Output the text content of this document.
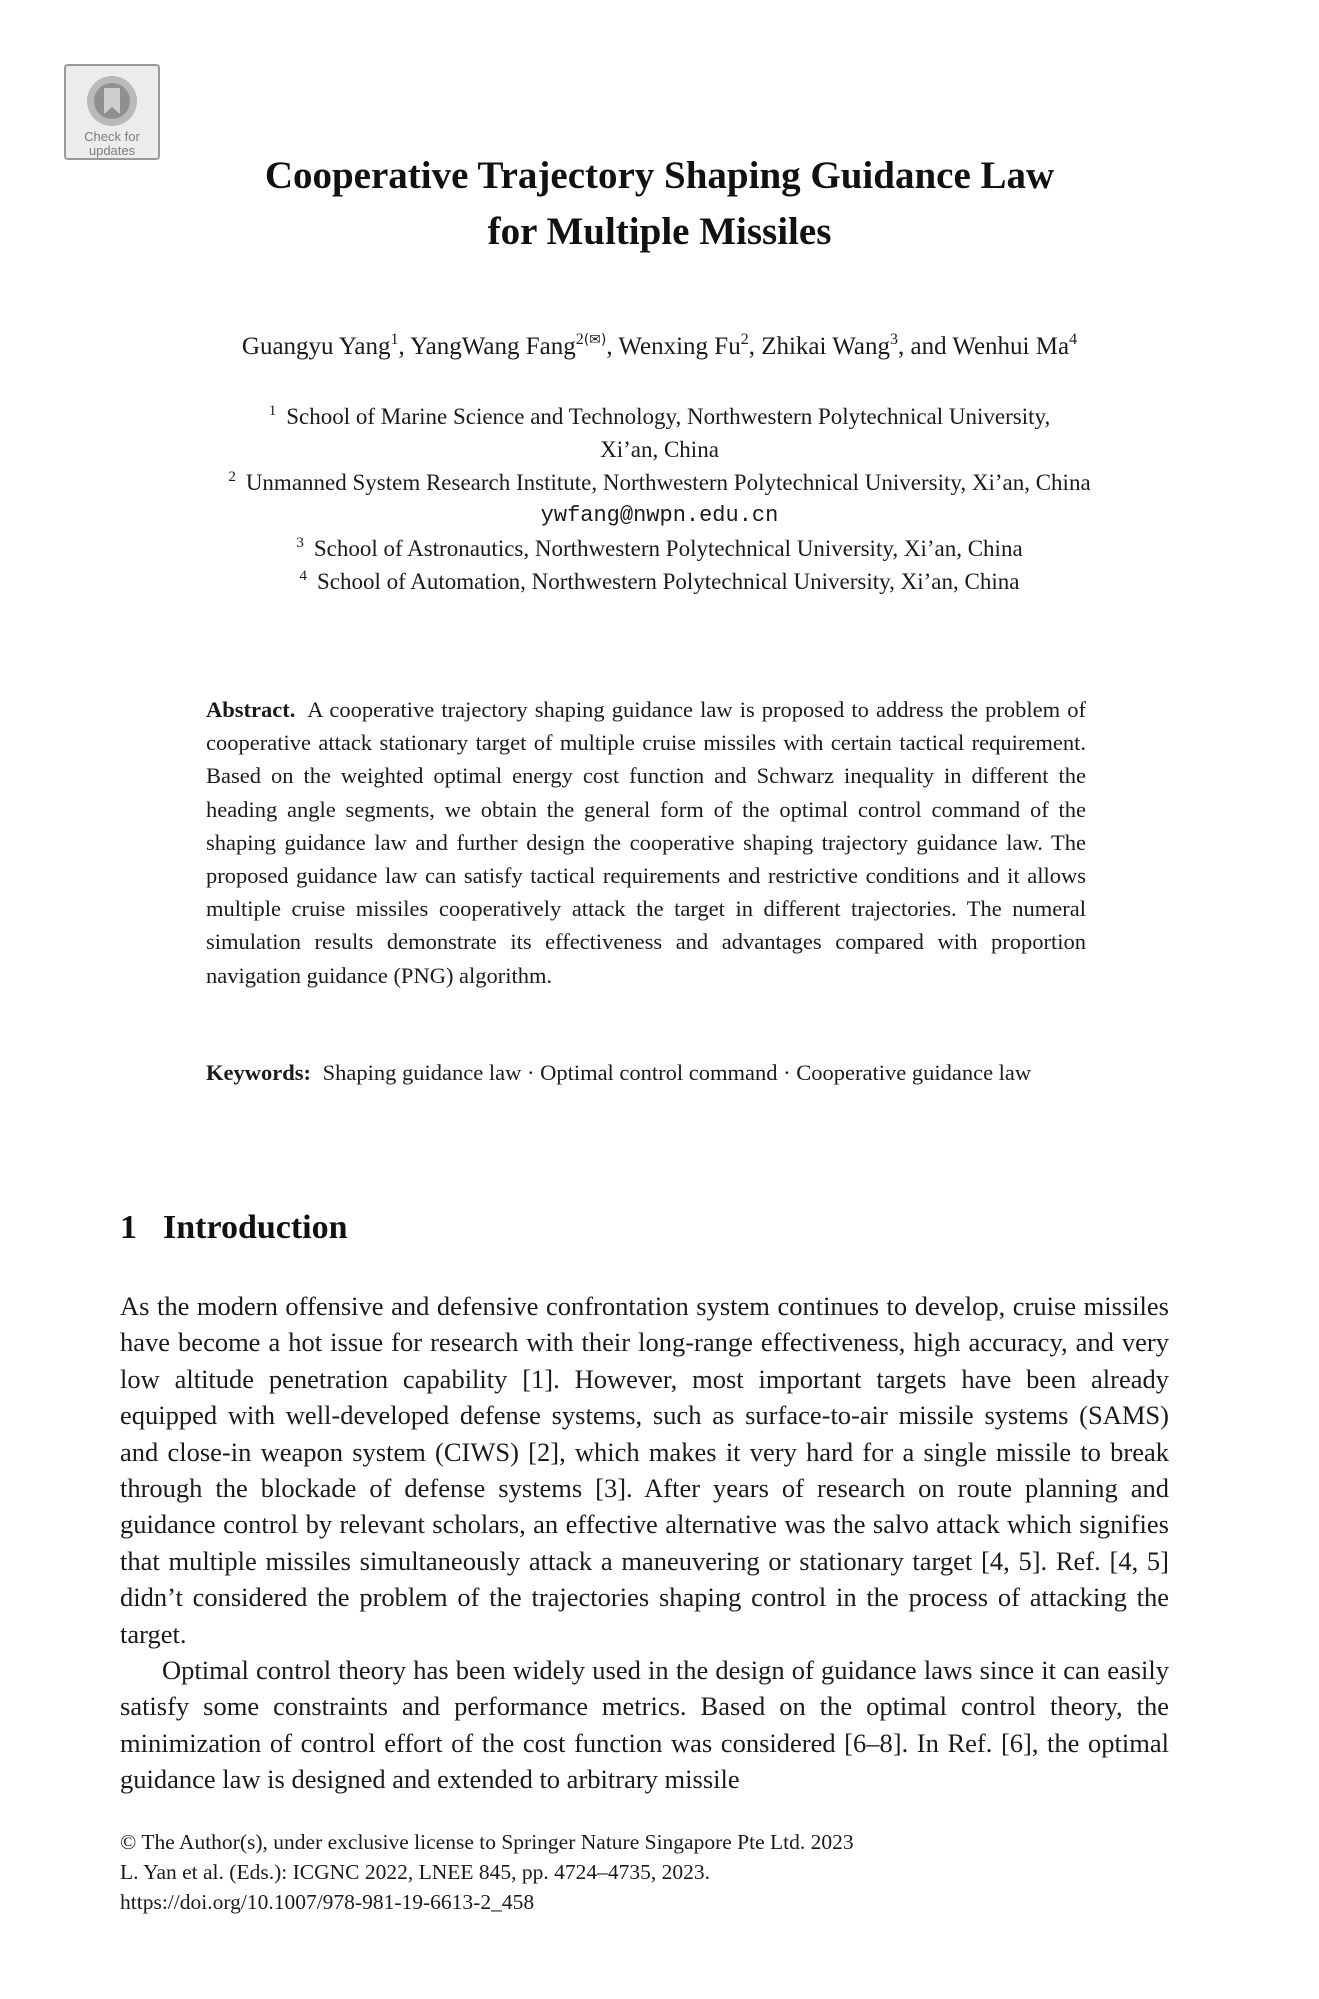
Check for
updates
Cooperative Trajectory Shaping Guidance Law
for Multiple Missiles
Guangyu Yang$^1$, YangWang Fang$^{2(✉)}$, Wenxing Fu$^2$, Zhikai Wang$^3$, and Wenhui Ma$^4$
$^1$ School of Marine Science and Technology, Northwestern Polytechnical University,
Xi’an, China
$^2$ Unmanned System Research Institute, Northwestern Polytechnical University, Xi’an, China
ywfang@nwpn.edu.cn
$^3$ School of Astronautics, Northwestern Polytechnical University, Xi’an, China
$^4$ School of Automation, Northwestern Polytechnical University, Xi’an, China
Abstract. A cooperative trajectory shaping guidance law is proposed to address the problem of cooperative attack stationary target of multiple cruise missiles with certain tactical requirement. Based on the weighted optimal energy cost function and Schwarz inequality in different the heading angle segments, we obtain the general form of the optimal control command of the shaping guidance law and further design the cooperative shaping trajectory guidance law. The proposed guidance law can satisfy tactical requirements and restrictive conditions and it allows multiple cruise missiles cooperatively attack the target in different trajectories. The numeral simulation results demonstrate its effectiveness and advantages compared with proportion navigation guidance (PNG) algorithm.
Keywords: Shaping guidance law · Optimal control command · Cooperative guidance law
1 Introduction

As the modern offensive and defensive confrontation system continues to develop, cruise missiles have become a hot issue for research with their long-range effectiveness, high accuracy, and very low altitude penetration capability [1]. However, most important targets have been already equipped with well-developed defense systems, such as surface-to-air missile systems (SAMS) and close-in weapon system (CIWS) [2], which makes it very hard for a single missile to break through the blockade of defense systems [3]. After years of research on route planning and guidance control by relevant scholars, an effective alternative was the salvo attack which signifies that multiple missiles simultaneously attack a maneuvering or stationary target [4, 5]. Ref. [4, 5] didn’t considered the problem of the trajectories shaping control in the process of attacking the target.

Optimal control theory has been widely used in the design of guidance laws since it can easily satisfy some constraints and performance metrics. Based on the optimal control theory, the minimization of control effort of the cost function was considered [6–8]. In Ref. [6], the optimal guidance law is designed and extended to arbitrary missile

© The Author(s), under exclusive license to Springer Nature Singapore Pte Ltd. 2023
L. Yan et al. (Eds.): ICGNC 2022, LNEE 845, pp. 4724–4735, 2023.
https://doi.org/10.1007/978-981-19-6613-2_458
